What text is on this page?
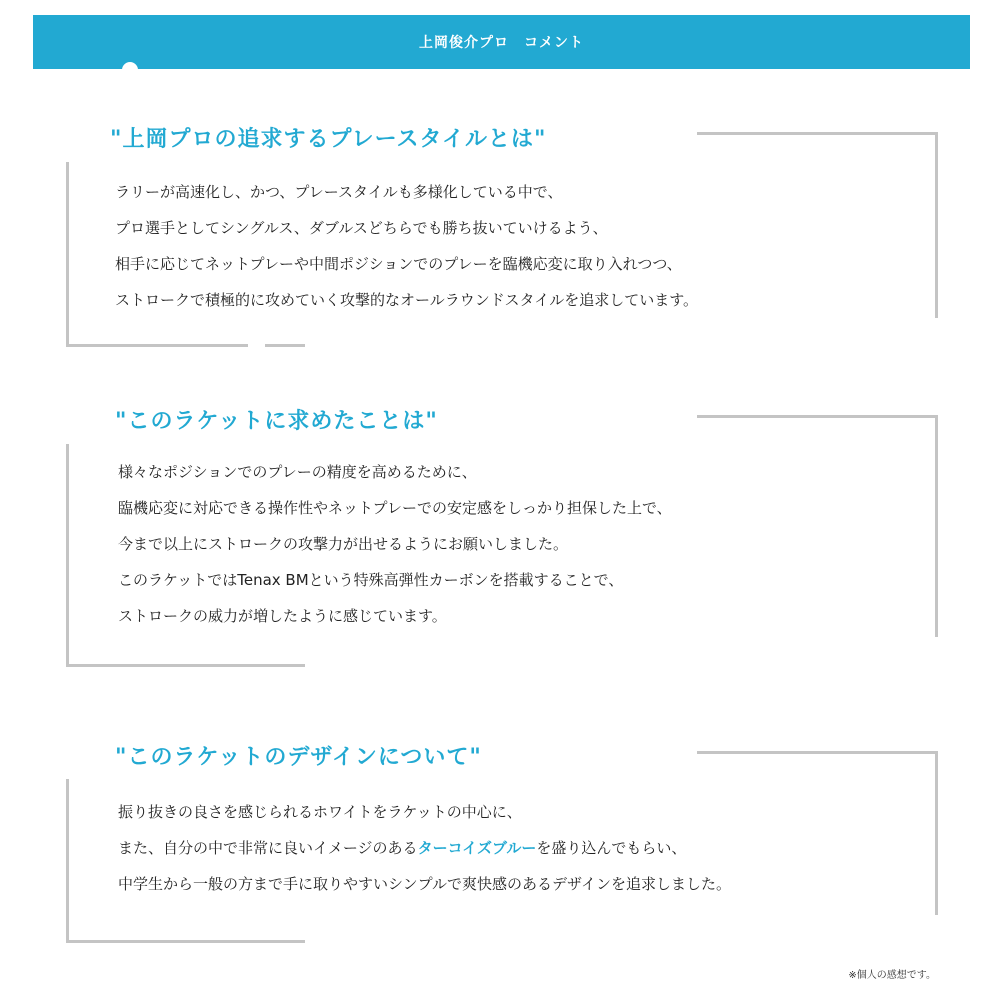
上岡俊介プロ　コメント
"上岡プロの追求するプレースタイルとは"

ラリーが高速化し、かつ、プレースタイルも多様化している中で、

プロ選手としてシングルス、ダブルスどちらでも勝ち抜いていけるよう、

相手に応じてネットプレーや中間ポジションでのプレーを臨機応変に取り入れつつ、

ストロークで積極的に攻めていく攻撃的なオールラウンドスタイルを追求しています。

"このラケットに求めたことは"

様々なポジションでのプレーの精度を高めるために、

臨機応変に対応できる操作性やネットプレーでの安定感をしっかり担保した上で、

今まで以上にストロークの攻撃力が出せるようにお願いしました。

このラケットではTenax BMという特殊高弾性カーボンを搭載することで、

ストロークの威力が増したように感じています。

"このラケットのデザインについて"

振り抜きの良さを感じられるホワイトをラケットの中心に、

また、自分の中で非常に良いイメージのあるターコイズブルーを盛り込んでもらい、

中学生から一般の方まで手に取りやすいシンプルで爽快感のあるデザインを追求しました。

※個人の感想です。
